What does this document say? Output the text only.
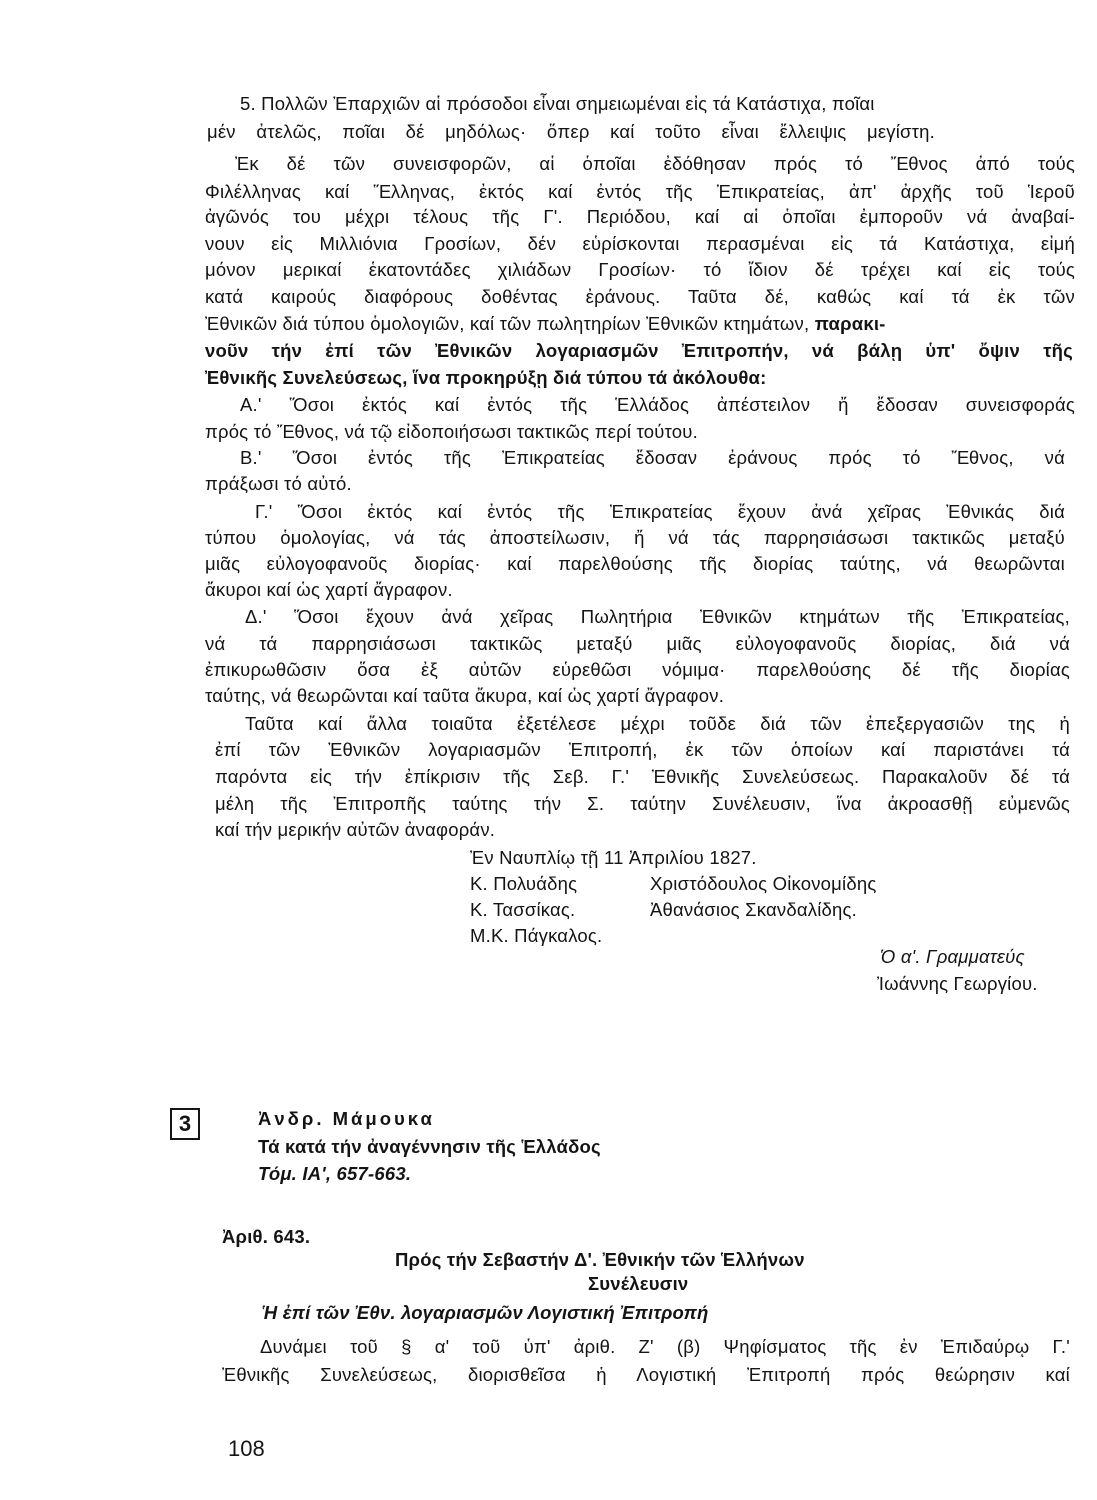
5. Πολλῶν Ἐπαρχιῶν αἱ πρόσοδοι εἶναι σημειωμέναι εἰς τά Κατάστιχα, ποῖαι
μέν ἀτελῶς, ποῖαι δέ μηδόλως· ὅπερ καί τοῦτο εἶναι ἔλλειψις μεγίστη.
Ἐκ δέ τῶν συνεισφορῶν, αἱ ὁποῖαι ἐδόθησαν πρός τό Ἔθνος ἀπό τούς
Φιλέλληνας καί Ἕλληνας, ἐκτός καί ἐντός τῆς Ἐπικρατείας, ἀπ' ἀρχῆς τοῦ Ἱεροῦ
ἀγῶνός του μέχρι τέλους τῆς Γ'. Περιόδου, καί αἱ ὁποῖαι ἐμποροῦν νά ἀναβαί-
νουν εἰς Μιλλιόνια Γροσίων, δέν εὑρίσκονται περασμέναι εἰς τά Κατάστιχα, εἰμή
μόνον μερικαί ἑκατοντάδες χιλιάδων Γροσίων· τό ἴδιον δέ τρέχει καί εἰς τούς
κατά καιρούς διαφόρους δοθέντας ἐράνους. Ταῦτα δέ, καθώς καί τά ἐκ τῶν
Ἐθνικῶν διά τύπου ὁμολογιῶν, καί τῶν πωλητηρίων Ἐθνικῶν κτημάτων, παρακι-
νοῦν τήν ἐπί τῶν Ἐθνικῶν λογαριασμῶν Ἐπιτροπήν, νά βάλῃ ὑπ' ὄψιν τῆς
Ἐθνικῆς Συνελεύσεως, ἵνα προκηρύξῃ διά τύπου τά ἀκόλουθα:
Α.' Ὅσοι ἐκτός καί ἐντός τῆς Ἑλλάδος ἀπέστειλον ἤ ἔδοσαν συνεισφοράς
πρός τό Ἔθνος, νά τῷ εἰδοποιήσωσι τακτικῶς περί τούτου.
Β.' Ὅσοι ἐντός τῆς Ἐπικρατείας ἔδοσαν ἐράνους πρός τό Ἔθνος, νά
πράξωσι τό αὐτό.
Γ.' Ὅσοι ἐκτός καί ἐντός τῆς Ἐπικρατείας ἔχουν ἀνά χεῖρας Ἐθνικάς διά
τύπου ὁμολογίας, νά τάς ἀποστείλωσιν, ἤ νά τάς παρρησιάσωσι τακτικῶς μεταξύ
μιᾶς εὐλογοφανοῦς διορίας· καί παρελθούσης τῆς διορίας ταύτης, νά θεωρῶνται
ἄκυροι καί ὡς χαρτί ἄγραφον.
Δ.' Ὅσοι ἔχουν ἀνά χεῖρας Πωλητήρια Ἐθνικῶν κτημάτων τῆς Ἐπικρατείας,
νά τά παρρησιάσωσι τακτικῶς μεταξύ μιᾶς εὐλογοφανοῦς διορίας, διά νά
ἐπικυρωθῶσιν ὅσα ἐξ αὐτῶν εὑρεθῶσι νόμιμα· παρελθούσης δέ τῆς διορίας
ταύτης, νά θεωρῶνται καί ταῦτα ἄκυρα, καί ὡς χαρτί ἄγραφον.
Ταῦτα καί ἄλλα τοιαῦτα ἐξετέλεσε μέχρι τοῦδε διά τῶν ἐπεξεργασιῶν της ἡ
ἐπί τῶν Ἐθνικῶν λογαριασμῶν Ἐπιτροπή, ἐκ τῶν ὁποίων καί παριστάνει τά
παρόντα εἰς τήν ἐπίκρισιν τῆς Σεβ. Γ.' Ἐθνικῆς Συνελεύσεως. Παρακαλοῦν δέ τά
μέλη τῆς Ἐπιτροπῆς ταύτης τήν Σ. ταύτην Συνέλευσιν, ἵνα ἀκροασθῇ εὐμενῶς
καί τήν μερικήν αὐτῶν ἀναφοράν.
Ἐν Ναυπλίῳ τῇ 11 Ἀπριλίου 1827.
Κ. Πολυάδης	Χριστόδουλος Οἰκονομίδης
Κ. Τασσίκας.	Ἀθανάσιος Σκανδαλίδης.
Μ.Κ. Πάγκαλος.
Ὁ α'. Γραμματεύς
Ἰωάννης Γεωργίου.
3	Ἀνδρ. Μάμουκα
Τά κατά τήν ἀναγέννησιν τῆς Ἑλλάδος
Τόμ. ΙΑ', 657-663.
Ἀριθ. 643.
Πρός τήν Σεβαστήν Δ'. Ἐθνικήν τῶν Ἑλλήνων
Συνέλευσιν
Ἡ ἐπί τῶν Ἐθν. λογαριασμῶν Λογιστική Ἐπιτροπή
Δυνάμει τοῦ § α' τοῦ ὑπ' ἀριθ. Ζ' (β) Ψηφίσματος τῆς ἐν Ἐπιδαύρῳ Γ.'
Ἐθνικῆς Συνελεύσεως, διορισθεῖσα ἡ Λογιστική Ἐπιτροπή πρός θεώρησιν καί
108
